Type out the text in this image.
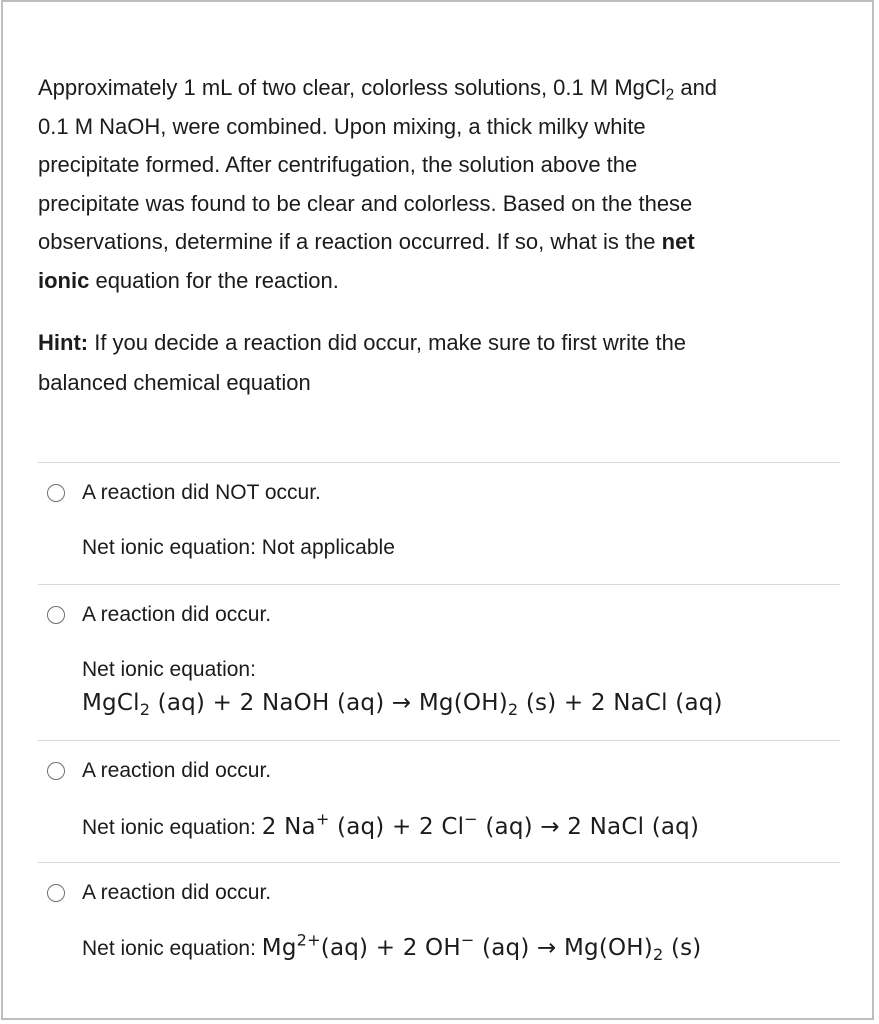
Approximately 1 mL of two clear, colorless solutions, 0.1 M MgCl$_2$ and
0.1 M NaOH, were combined. Upon mixing, a thick milky white
precipitate formed. After centrifugation, the solution above the
precipitate was found to be clear and colorless. Based on the these
observations, determine if a reaction occurred. If so, what is the net
ionic equation for the reaction.
Hint: If you decide a reaction did occur, make sure to first write the
balanced chemical equation
A reaction did NOT occur.
Net ionic equation: Not applicable
A reaction did occur.
Net ionic equation:
MgCl$_2$ (aq) + 2 NaOH $(aq) \to Mg(OH)_2$ (s) + 2 NaCl (aq)
A reaction did occur.
Net ionic equation: 2 Na+ (aq) + 2 Cl− (aq) → 2 NaCl (aq)
A reaction did occur.
Net ionic equation: $Mg^{2+}(aq) + 2$ OH− $(aq) \to Mg(OH)_2$ (s)
